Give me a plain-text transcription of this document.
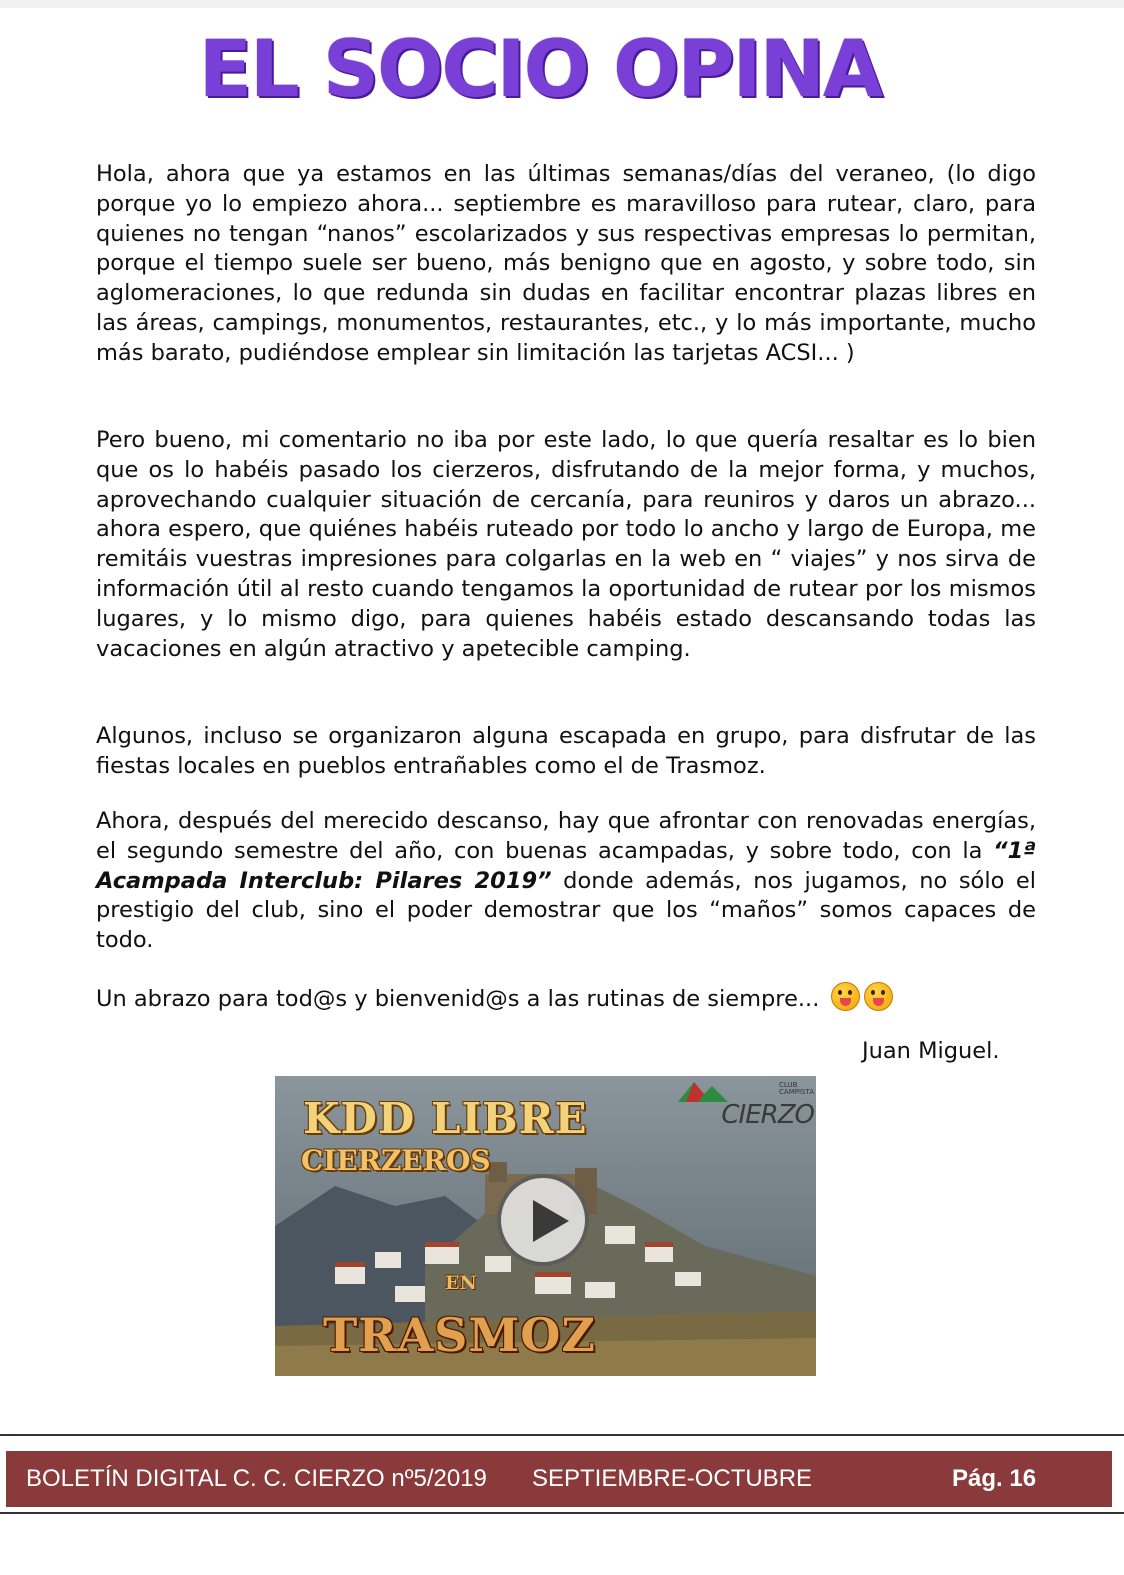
EL SOCIO OPINA

Hola, ahora que ya estamos en las últimas semanas/días del veraneo, (lo digo porque yo lo empiezo ahora... septiembre es maravilloso para rutear, claro, para quienes no tengan “nanos” escolarizados y sus respectivas empresas lo permitan, porque el tiempo suele ser bueno, más benigno que en agosto, y sobre todo, sin aglomeraciones, lo que redunda sin dudas en facilitar encontrar plazas libres en las áreas, campings, monumentos, restaurantes, etc., y lo más importante, mucho más barato, pudiéndose emplear sin limitación las tarjetas ACSI... )

Pero bueno, mi comentario no iba por este lado, lo que quería resaltar es lo bien que os lo habéis pasado los cierzeros, disfrutando de la mejor forma, y muchos, aprovechando cualquier situación de cercanía, para reuniros y daros un abrazo... ahora espero, que quiénes habéis ruteado por todo lo ancho y largo de Europa, me remitáis vuestras impresiones para colgarlas en la web en “ viajes” y nos sirva de información útil al resto cuando tengamos la oportunidad de rutear por los mismos lugares, y lo mismo digo, para quienes habéis estado descansando todas las vacaciones en algún atractivo y apetecible camping.

Algunos, incluso se organizaron alguna escapada en grupo, para disfrutar de las fiestas locales en pueblos entrañables como el de Trasmoz.

Ahora, después del merecido descanso, hay que afrontar con renovadas energías, el segundo semestre del año, con buenas acampadas, y sobre todo, con la “1ª Acampada Interclub: Pilares 2019” donde además, nos jugamos, no sólo el prestigio del club, sino el poder demostrar que los “maños” somos capaces de todo.

Un abrazo para tod@s y bienvenid@s a las rutinas de siempre...

Juan Miguel.
CLUB
CAMPISTA
CIERZO
KDD LIBRE
CIERZEROS
EN
TRASMOZ
BOLETÍN DIGITAL C. C. CIERZO nº5/2019 SEPTIEMBRE-OCTUBRE	Pág. 16
